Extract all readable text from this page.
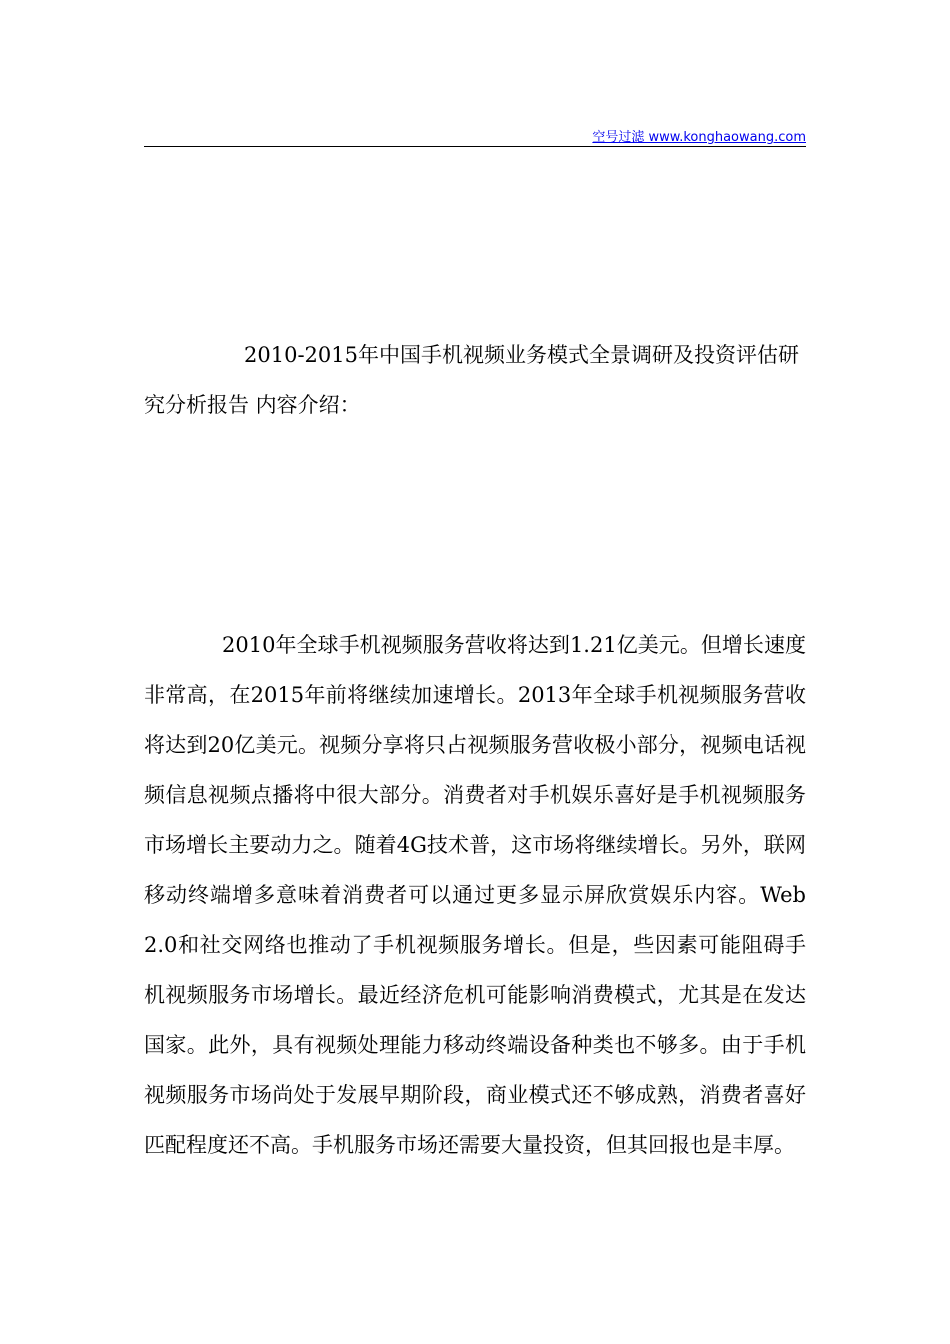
空号过滤 www.konghaowang.com

2010-2015年中国手机视频业务模式全景调研及投资评估研究分析报告 内容介绍：

2010年全球手机视频服务营收将达到1.21亿美元。但增长速度非常高，在2015年前将继续加速增长。2013年全球手机视频服务营收将达到20亿美元。视频分享将只占视频服务营收极小部分，视频电话视频信息视频点播将中很大部分。消费者对手机娱乐喜好是手机视频服务市场增长主要动力之。随着4G技术普，这市场将继续增长。另外，联网移动终端增多意味着消费者可以通过更多显示屏欣赏娱乐内容。Web 2.0和社交网络也推动了手机视频服务增长。但是，些因素可能阻碍手机视频服务市场增长。最近经济危机可能影响消费模式，尤其是在发达国家。此外，具有视频处理能力移动终端设备种类也不够多。由于手机视频服务市场尚处于发展早期阶段，商业模式还不够成熟，消费者喜好匹配程度还不高。手机服务市场还需要大量投资，但其回报也是丰厚。
